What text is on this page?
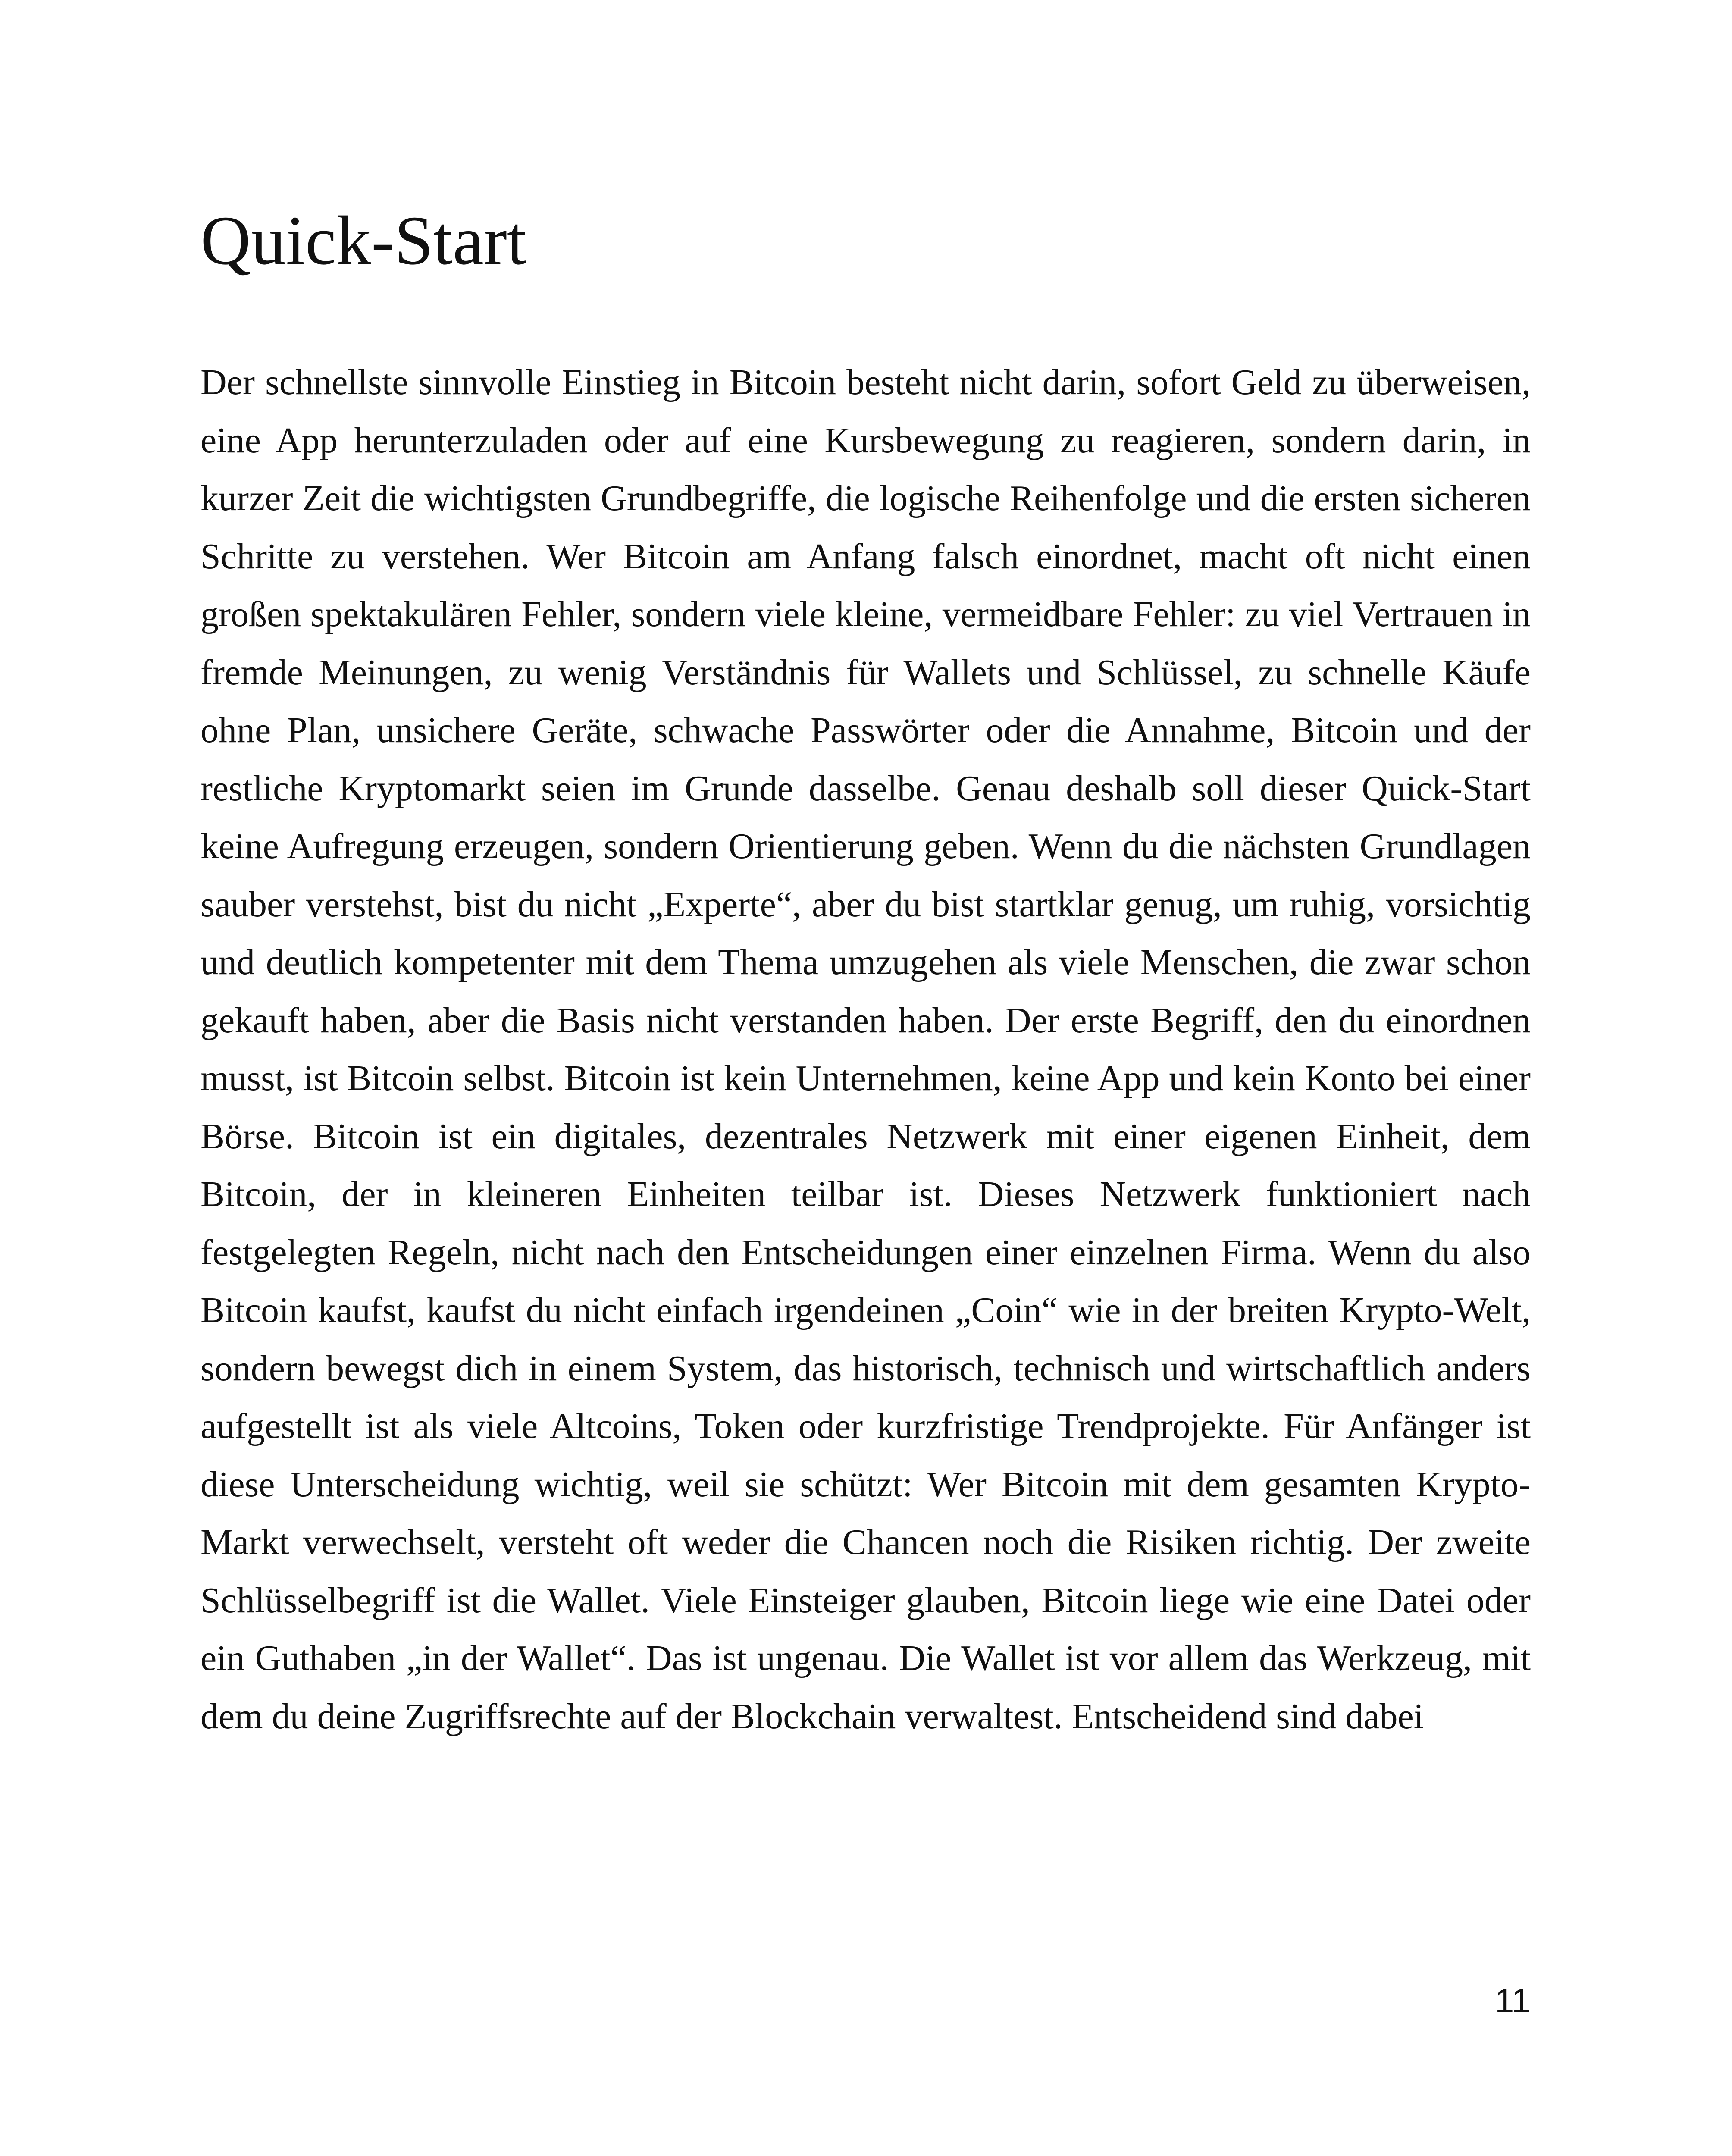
Quick-Start

Der schnellste sinnvolle Einstieg in Bitcoin besteht nicht darin, sofort Geld zu überweisen, eine App herunterzuladen oder auf eine Kursbewegung zu reagieren, sondern darin, in kurzer Zeit die wichtigsten Grundbegriffe, die logische Reihenfolge und die ersten sicheren Schritte zu verstehen. Wer Bitcoin am Anfang falsch einordnet, macht oft nicht einen großen spektakulären Fehler, sondern viele kleine, vermeidbare Fehler: zu viel Vertrauen in fremde Meinungen, zu wenig Verständnis für Wallets und Schlüssel, zu schnelle Käufe ohne Plan, unsichere Geräte, schwache Passwörter oder die Annahme, Bitcoin und der restliche Kryptomarkt seien im Grunde dasselbe. Genau deshalb soll dieser Quick-Start keine Aufregung erzeugen, sondern Orientierung geben. Wenn du die nächsten Grundlagen sauber verstehst, bist du nicht „Experte“, aber du bist startklar genug, um ruhig, vorsichtig und deutlich kompetenter mit dem Thema umzugehen als viele Menschen, die zwar schon gekauft haben, aber die Basis nicht verstanden haben. Der erste Begriff, den du einordnen musst, ist Bitcoin selbst. Bitcoin ist kein Unternehmen, keine App und kein Konto bei einer Börse. Bitcoin ist ein digitales, dezentrales Netzwerk mit einer eigenen Einheit, dem Bitcoin, der in kleineren Einheiten teilbar ist. Dieses Netzwerk funktioniert nach festgelegten Regeln, nicht nach den Entscheidungen einer einzelnen Firma. Wenn du also Bitcoin kaufst, kaufst du nicht einfach irgendeinen „Coin“ wie in der breiten Krypto-Welt, sondern bewegst dich in einem System, das historisch, technisch und wirtschaftlich anders aufgestellt ist als viele Altcoins, Token oder kurzfristige Trendprojekte. Für Anfänger ist diese Unterscheidung wichtig, weil sie schützt: Wer Bitcoin mit dem gesamten Krypto-Markt verwechselt, versteht oft weder die Chancen noch die Risiken richtig. Der zweite Schlüsselbegriff ist die Wallet. Viele Einsteiger glauben, Bitcoin liege wie eine Datei oder ein Guthaben „in der Wallet“. Das ist ungenau. Die Wallet ist vor allem das Werkzeug, mit dem du deine Zugriffsrechte auf der Blockchain verwaltest. Entscheidend sind dabei

11
